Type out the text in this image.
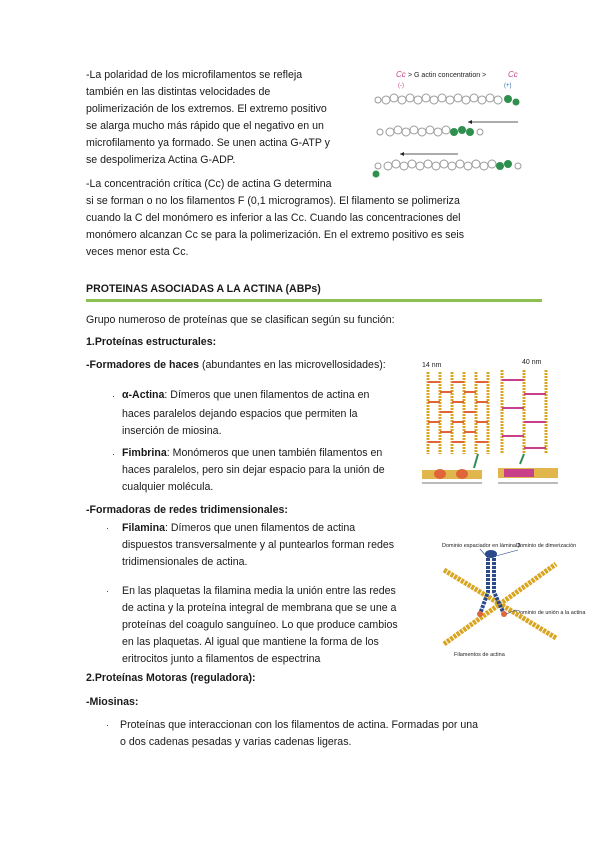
-La polaridad de los microfilamentos se refleja
también en las distintas velocidades de
polimerización de los extremos. El extremo positivo
se alarga mucho más rápido que el negativo en un
microfilamento ya formado. Se unen actina G-ATP y
se despolimeriza Actina G-ADP.
Cc > G actin concentration >	Cc
(-)	(+)
-La concentración crítica (Cc) de actina G determina
si se forman o no los filamentos F (0,1 microgramos). El filamento se polimeriza
cuando la C del monómero es inferior a las Cc. Cuando las concentraciones del
monómero alcanzan Cc se para la polimerización. En el extremo positivo es seis
veces menor esta Cc.
PROTEINAS ASOCIADAS A LA ACTINA (ABPs)
Grupo numeroso de proteínas que se clasifican según su función:
1.Proteínas estructurales:
-Formadores de haces (abundantes en las microvellosidades):
· α-Actina: Dímeros que unen filamentos de actina en
haces paralelos dejando espacios que permiten la
inserción de miosina.
· Fimbrina: Monómeros que unen también filamentos en
haces paralelos, pero sin dejar espacio para la unión de
cualquier molécula.
14 nm	40 nm
-Formadoras de redes tridimensionales:
· Filamina: Dímeros que unen filamentos de actina
dispuestos transversalmente y al puntearlos forman redes
tridimensionales de actina.
· En las plaquetas la filamina media la unión entre las redes
de actina y la proteína integral de membrana que se une a
proteínas del coagulo sanguíneo. Lo que produce cambios
en las plaquetas. Al igual que mantiene la forma de los
eritrocitos junto a filamentos de espectrina
Dominio espaciador en lámina β
Dominio de dimerización
Dominio de unión a la actina
Filamentos de actina
2.Proteínas Motoras (reguladora):
-Miosinas:
· Proteínas que interaccionan con los filamentos de actina. Formadas por una
o dos cadenas pesadas y varias cadenas ligeras.
